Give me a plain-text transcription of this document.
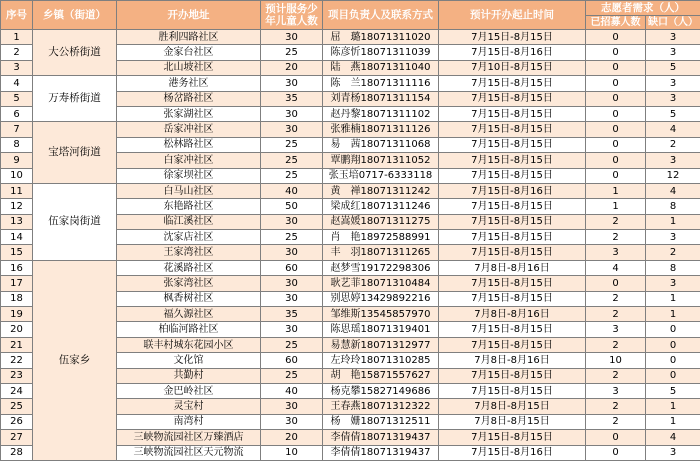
序号	乡镇（街道）	开办地址	预计服务少年儿童人数	项目负责人及联系方式	预计开办起止时间	志愿者需求（人）	
						已招募人数	缺口（人）
1	大公桥街道	胜利四路社区	30	屈　璐18071311020	7月15日-8月15日	0	3
2		金家台社区	25	陈彦忻18071311039	7月15日-8月16日	0	3
3		北山坡社区	20	陆　燕18071311040	7月10日-8月15日	0	5
4	万寿桥街道	港务社区	30	陈　兰18071311116	7月15日-8月15日	0	3
5		杨岔路社区	35	刘青杨18071311154	7月15日-8月15日	0	3
6		张家湖社区	30	赵丹黎18071311102	7月15日-8月15日	0	5
7	宝塔河街道	岳家冲社区	30	张雅楠18071311126	7月15日-8月15日	0	4
8		松林路社区	25	易　茜18071311068	7月15日-8月15日	0	2
9		白家冲社区	25	覃鹏翔18071311052	7月15日-8月15日	0	3
10		徐家坝社区	25	张玉培0717-6333118	7月15日-8月15日	0	12
11	伍家岗街道	白马山社区	40	黄　禅18071311242	7月15日-8月16日	1	4
12		东艳路社区	50	梁成红18071311246	7月15日-8月15日	1	8
13		临江溪社区	30	赵嵩媛18071311275	7月15日-8月15日	2	1
14		沈家店社区	25	肖　艳18972588991	7月15日-8月15日	2	3
15		王家湾社区	30	丰　羽18071311265	7月15日-8月15日	3	2
16	伍家乡	花溪路社区	60	赵梦雪19172298306	7月8日-8月16日	4	8
17		张家湾社区	30	耿艺菲18071310484	7月15日-8月15日	0	3
18		枫香树社区	30	别思婷13429892216	7月15日-8月15日	2	1
19		福久源社区	35	邹维斯13545857970	7月8日-8月16日	2	1
20		柏临河路社区	30	陈思瑶18071319401	7月15日-8月15日	3	0
21		联丰村城东花园小区	25	易慧新18071312977	7月15日-8月15日	2	0
22		文化馆	60	左玲玲18071310285	7月8日-8月16日	10	0
23		共勤村	25	胡　艳15871557627	7月15日-8月15日	2	0
24		金巴岭社区	40	杨克攀15827149686	7月15日-8月15日	3	5
25		灵宝村	30	王春燕18071312322	7月8日-8月15日	2	1
26		南湾村	30	杨　姗18071312511	7月8日-8月15日	2	1
27		三峡物流园社区万臻酒店	20	李倩倩18071319437	7月15日-8月15日	0	4
28		三峡物流园社区天元物流	10	李倩倩18071319437	7月15日-8月16日	0	3
